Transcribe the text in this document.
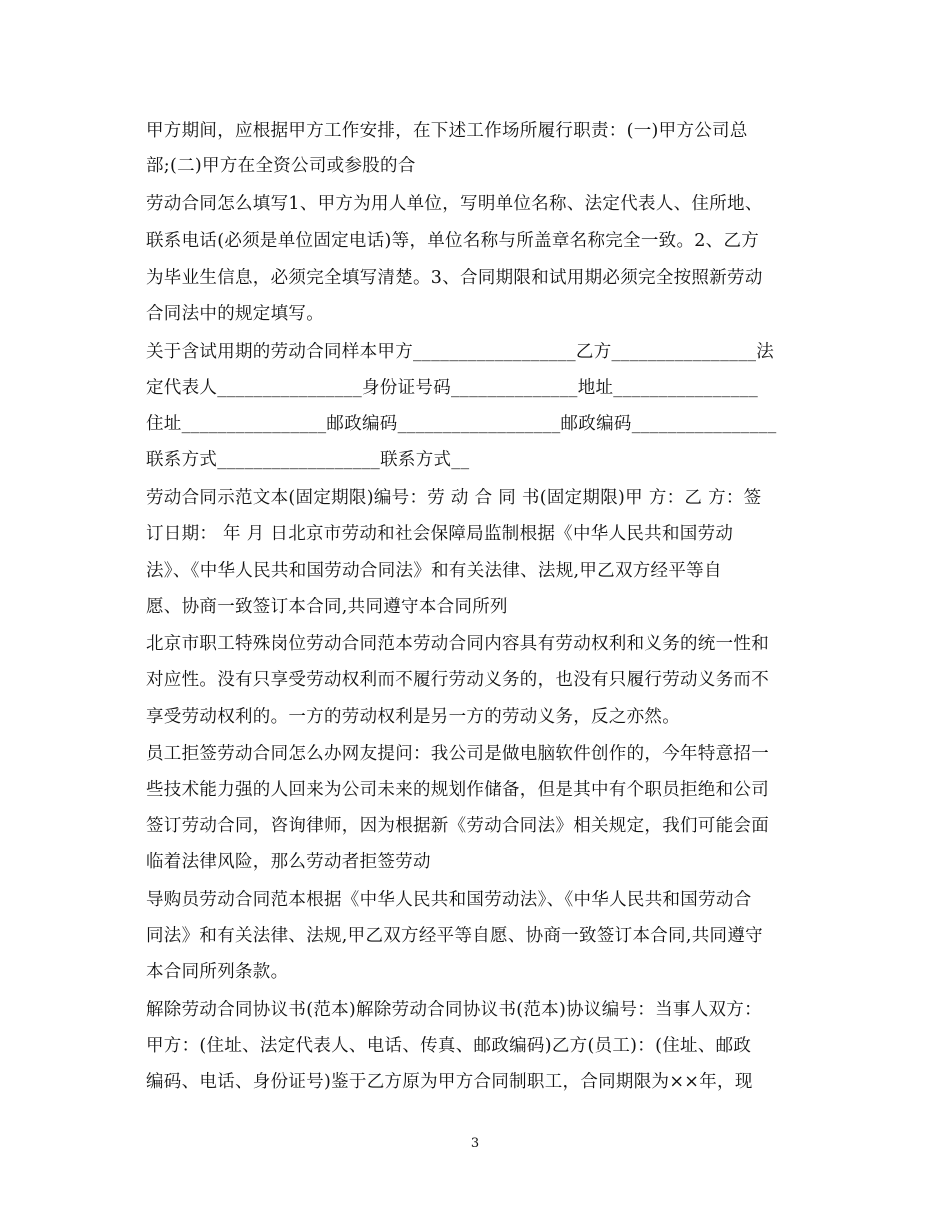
甲方期间，应根据甲方工作安排，在下述工作场所履行职责：(一)甲方公司总
部;(二)甲方在全资公司或参股的合
劳动合同怎么填写1、甲方为用人单位，写明单位名称、法定代表人、住所地、
联系电话(必须是单位固定电话)等，单位名称与所盖章名称完全一致。2、乙方
为毕业生信息，必须完全填写清楚。3、合同期限和试用期必须完全按照新劳动
合同法中的规定填写。
关于含试用期的劳动合同样本甲方__________________乙方________________法
定代表人________________身份证号码______________地址________________
住址________________邮政编码__________________邮政编码________________
联系方式__________________联系方式__
劳动合同示范文本(固定期限)编号：劳 动 合 同 书(固定期限)甲 方：乙 方：签
订日期： 年 月 日北京市劳动和社会保障局监制根据《中华人民共和国劳动
法》、《中华人民共和国劳动合同法》和有关法律、法规,甲乙双方经平等自
愿、协商一致签订本合同,共同遵守本合同所列
北京市职工特殊岗位劳动合同范本劳动合同内容具有劳动权利和义务的统一性和
对应性。没有只享受劳动权利而不履行劳动义务的，也没有只履行劳动义务而不
享受劳动权利的。一方的劳动权利是另一方的劳动义务，反之亦然。
员工拒签劳动合同怎么办网友提问：我公司是做电脑软件创作的，今年特意招一
些技术能力强的人回来为公司未来的规划作储备，但是其中有个职员拒绝和公司
签订劳动合同，咨询律师，因为根据新《劳动合同法》相关规定，我们可能会面
临着法律风险，那么劳动者拒签劳动
导购员劳动合同范本根据《中华人民共和国劳动法》、《中华人民共和国劳动合
同法》和有关法律、法规,甲乙双方经平等自愿、协商一致签订本合同,共同遵守
本合同所列条款。
解除劳动合同协议书(范本)解除劳动合同协议书(范本)协议编号：当事人双方：
甲方：(住址、法定代表人、电话、传真、邮政编码)乙方(员工)：(住址、邮政
编码、电话、身份证号)鉴于乙方原为甲方合同制职工，合同期限为××年，现
3
